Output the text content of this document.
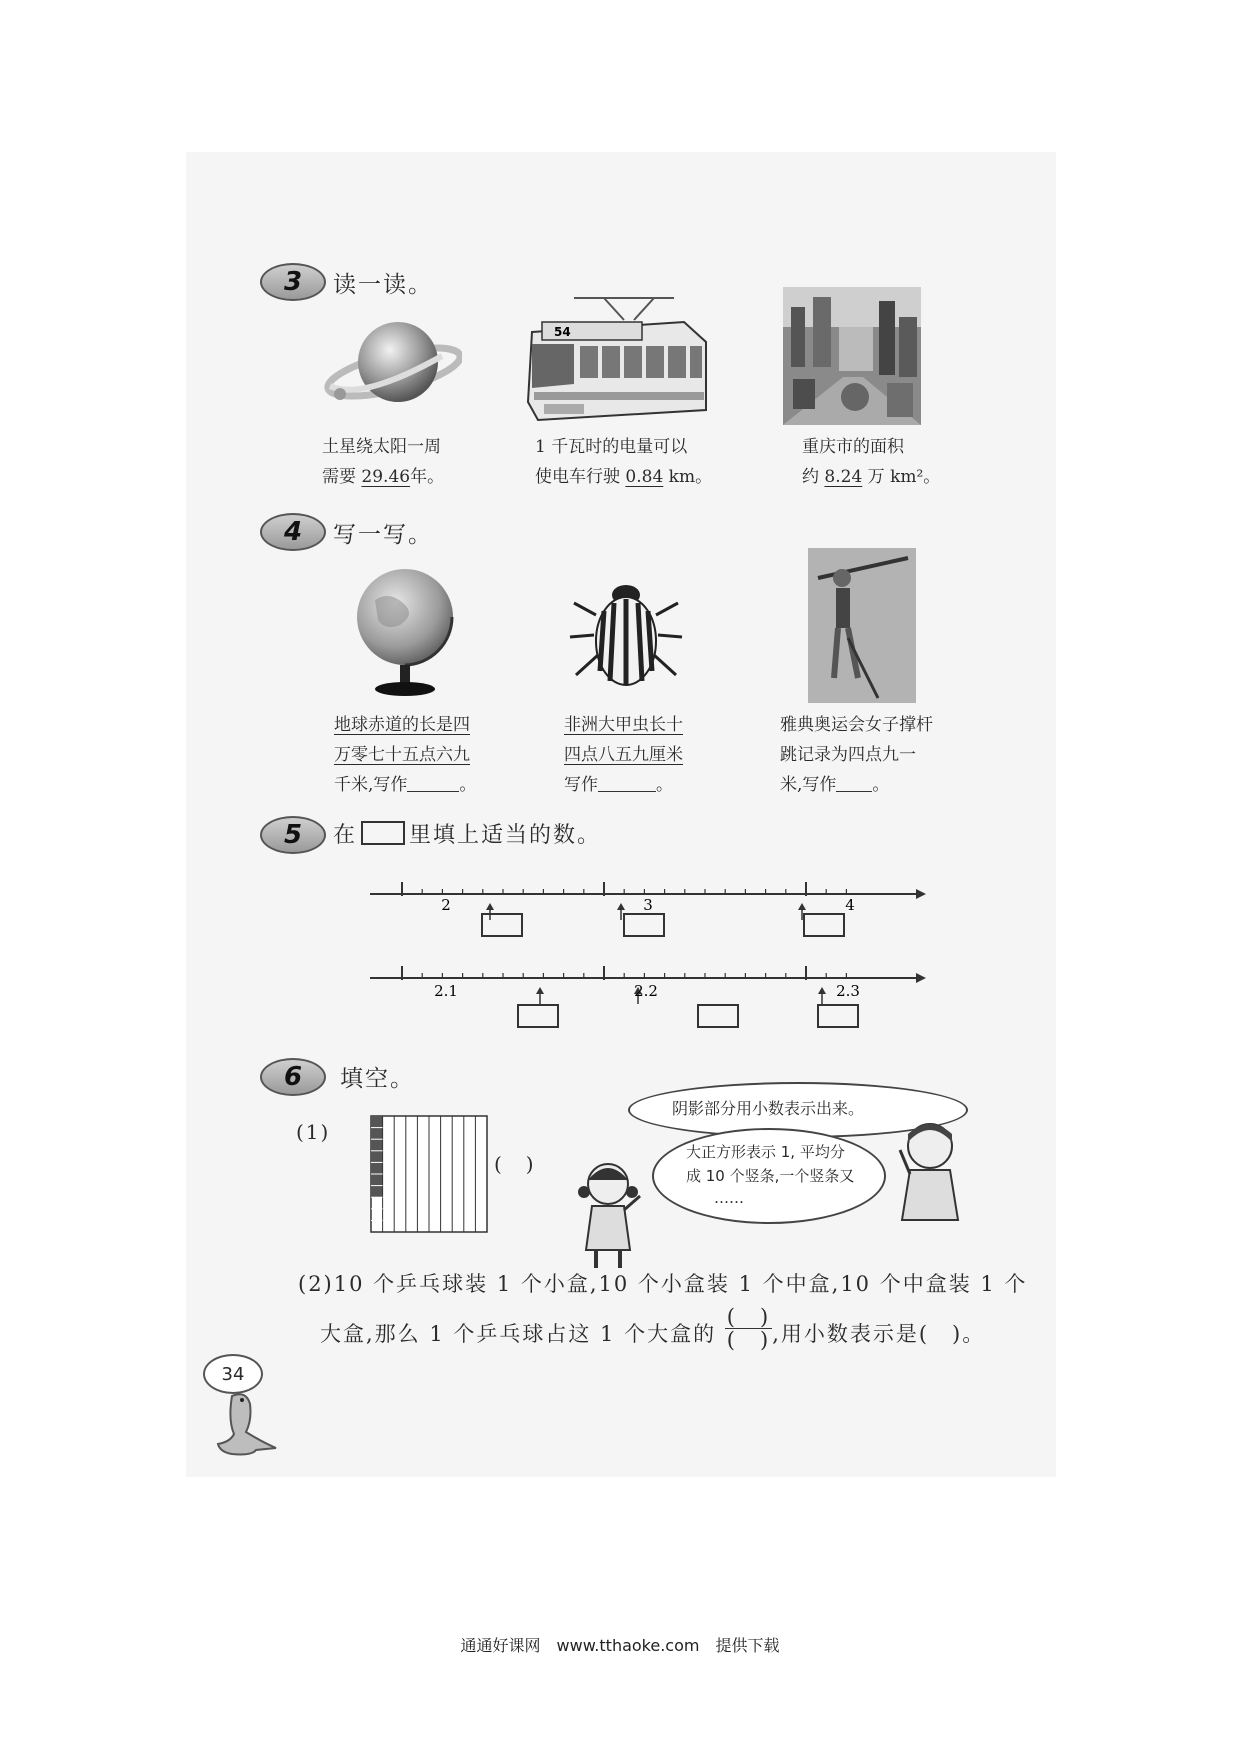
3	读一读。
54
土星绕太阳一周
需要 29.46年。
1 千瓦时的电量可以
使电车行驶 0.84 km。
重庆市的面积
约 8.24 万 km²。
4	写一写。
地球赤道的长是四
万零七十五点六九
千米,写作	。
非洲大甲虫长十
四点八五九厘米
写作	。
雅典奥运会女子撑杆
跳记录为四点九一
米,写作 。
5	在 里填上适当的数。
2	3	4
2.1	2.2	2.3
6	填空。
(1)
(　)
阴影部分用小数表示出来。
大正方形表示 1, 平均分
成 10 个竖条,一个竖条又
……
(2)10 个乒乓球装 1 个小盒,10 个小盒装 1 个中盒,10 个中盒装 1 个
大盒,那么 1 个乒乓球占这 1 个大盒的
(　)
(　) ,用小数表示是(　)。
34
通通好课网　www.tthaoke.com　提供下载
